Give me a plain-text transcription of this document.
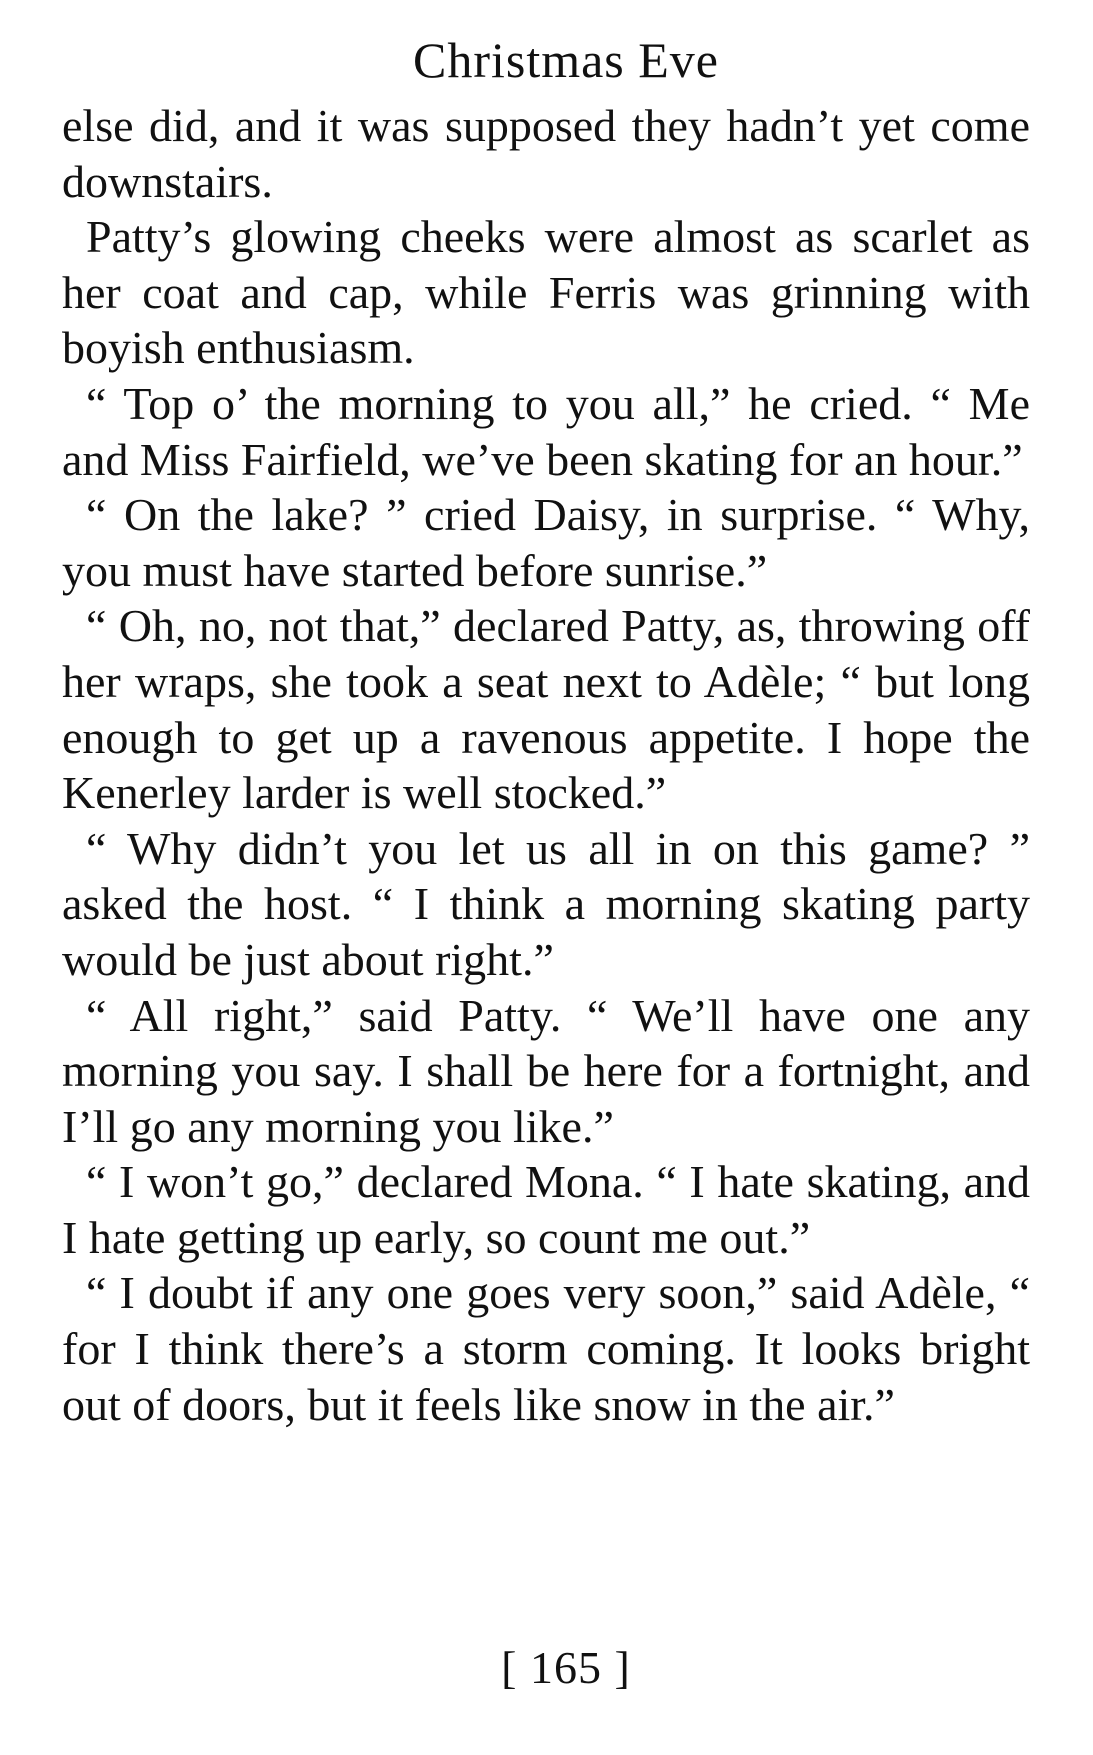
Christmas Eve

else did, and it was supposed they hadn’t yet come downstairs.

Patty’s glowing cheeks were almost as scarlet as her coat and cap, while Ferris was grinning with boyish enthusiasm.

“ Top o’ the morning to you all,” he cried. “ Me and Miss Fairfield, we’ve been skating for an hour.”

“ On the lake? ” cried Daisy, in surprise. “ Why, you must have started before sunrise.”

“ Oh, no, not that,” declared Patty, as, throwing off her wraps, she took a seat next to Adèle; “ but long enough to get up a ravenous appetite. I hope the Kenerley larder is well stocked.”

“ Why didn’t you let us all in on this game? ” asked the host. “ I think a morning skating party would be just about right.”

“ All right,” said Patty. “ We’ll have one any morning you say. I shall be here for a fortnight, and I’ll go any morning you like.”

“ I won’t go,” declared Mona. “ I hate skating, and I hate getting up early, so count me out.”

“ I doubt if any one goes very soon,” said Adèle, “ for I think there’s a storm coming. It looks bright out of doors, but it feels like snow in the air.”

[ 165 ]
